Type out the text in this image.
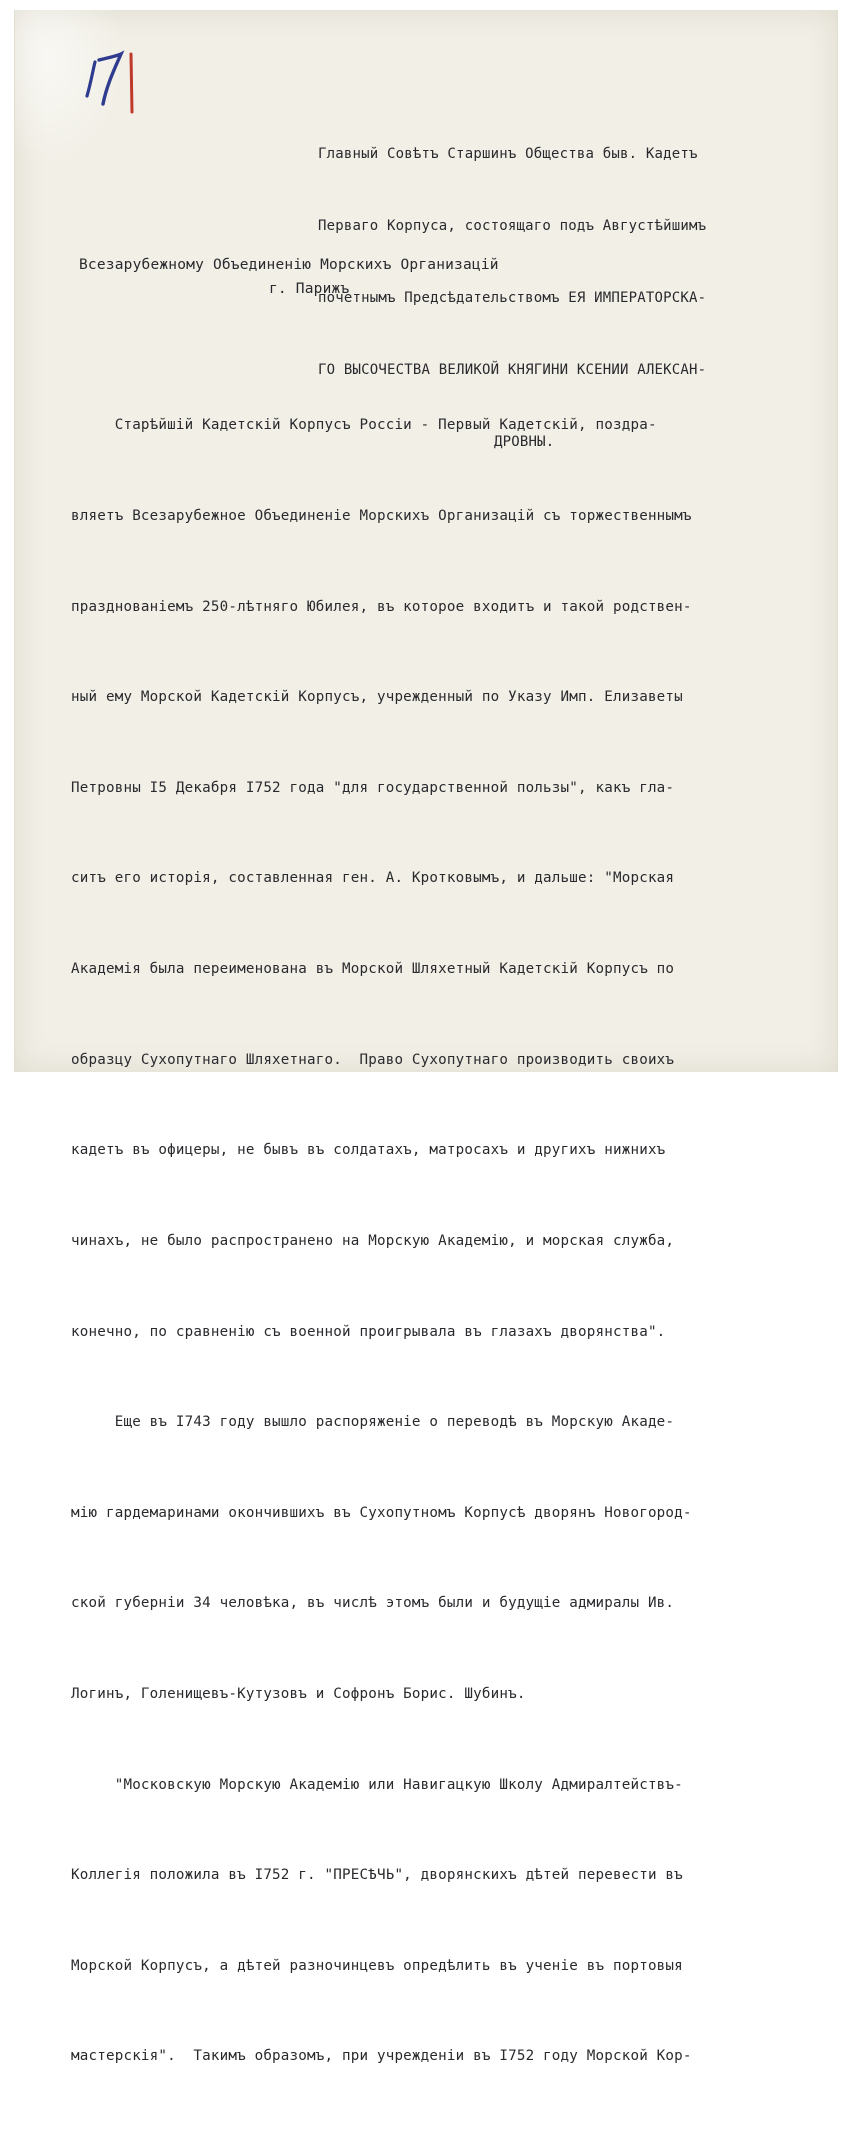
Главный Совѣтъ Старшинъ Общества быв. Кадетъ

Перваго Корпуса, состоящаго подъ Августѣйшимъ

почетнымъ Предсѣдательствомъ ЕЯ ИМПЕРАТОРСКА-

ГО ВЫСОЧЕСТВА ВЕЛИКОЙ КНЯГИНИ КСЕНИИ АЛЕКСАН-

ДРОВНЫ.

Всезарубежному Объединенiю Морскихъ Организацiй
г. Парижъ

Старѣйшiй Кадетскiй Корпусъ Россiи - Первый Кадетскiй, поздра-

вляетъ Всезарубежное Объединенiе Морскихъ Организацiй съ торжественнымъ

празднованiемъ 250-лѣтняго Юбилея, въ которое входитъ и такой родствен-

ный ему Морской Кадетскiй Корпусъ, учрежденный по Указу Имп. Елизаветы

Петровны I5 Декабря I752 года "для государственной пользы", какъ гла-

ситъ его исторiя, составленная ген. А. Кротковымъ, и дальше: "Морская

Академiя была переименована въ Морской Шляхетный Кадетскiй Корпусъ по

образцу Сухопутнаго Шляхетнаго.  Право Сухопутнаго производить своихъ

кадетъ въ офицеры, не бывъ въ солдатахъ, матросахъ и другихъ нижнихъ

чинахъ, не было распространено на Морскую Академiю, и морская служба,

конечно, по сравненiю съ военной проигрывала въ глазахъ дворянства".

Еще въ I743 году вышло распоряженiе о переводѣ въ Морскую Акаде-

мiю гардемаринами окончившихъ въ Сухопутномъ Корпусѣ дворянъ Новогород-

ской губернiи 34 человѣка, въ числѣ этомъ были и будущiе адмиралы Ив.

Логинъ, Голенищевъ-Кутузовъ и Софронъ Борис. Шубинъ.

"Московскую Морскую Академiю или Навигацкую Школу Адмиралтействъ-

Коллегiя положила въ I752 г. "ПРЕСѢЧЬ", дворянскихъ дѣтей перевести въ

Морской Корпусъ, а дѣтей разночинцевъ опредѣлить въ ученiе въ портовыя

мастерскiя".  Такимъ образомъ, при учрежденiи въ I752 году Морской Кор-
